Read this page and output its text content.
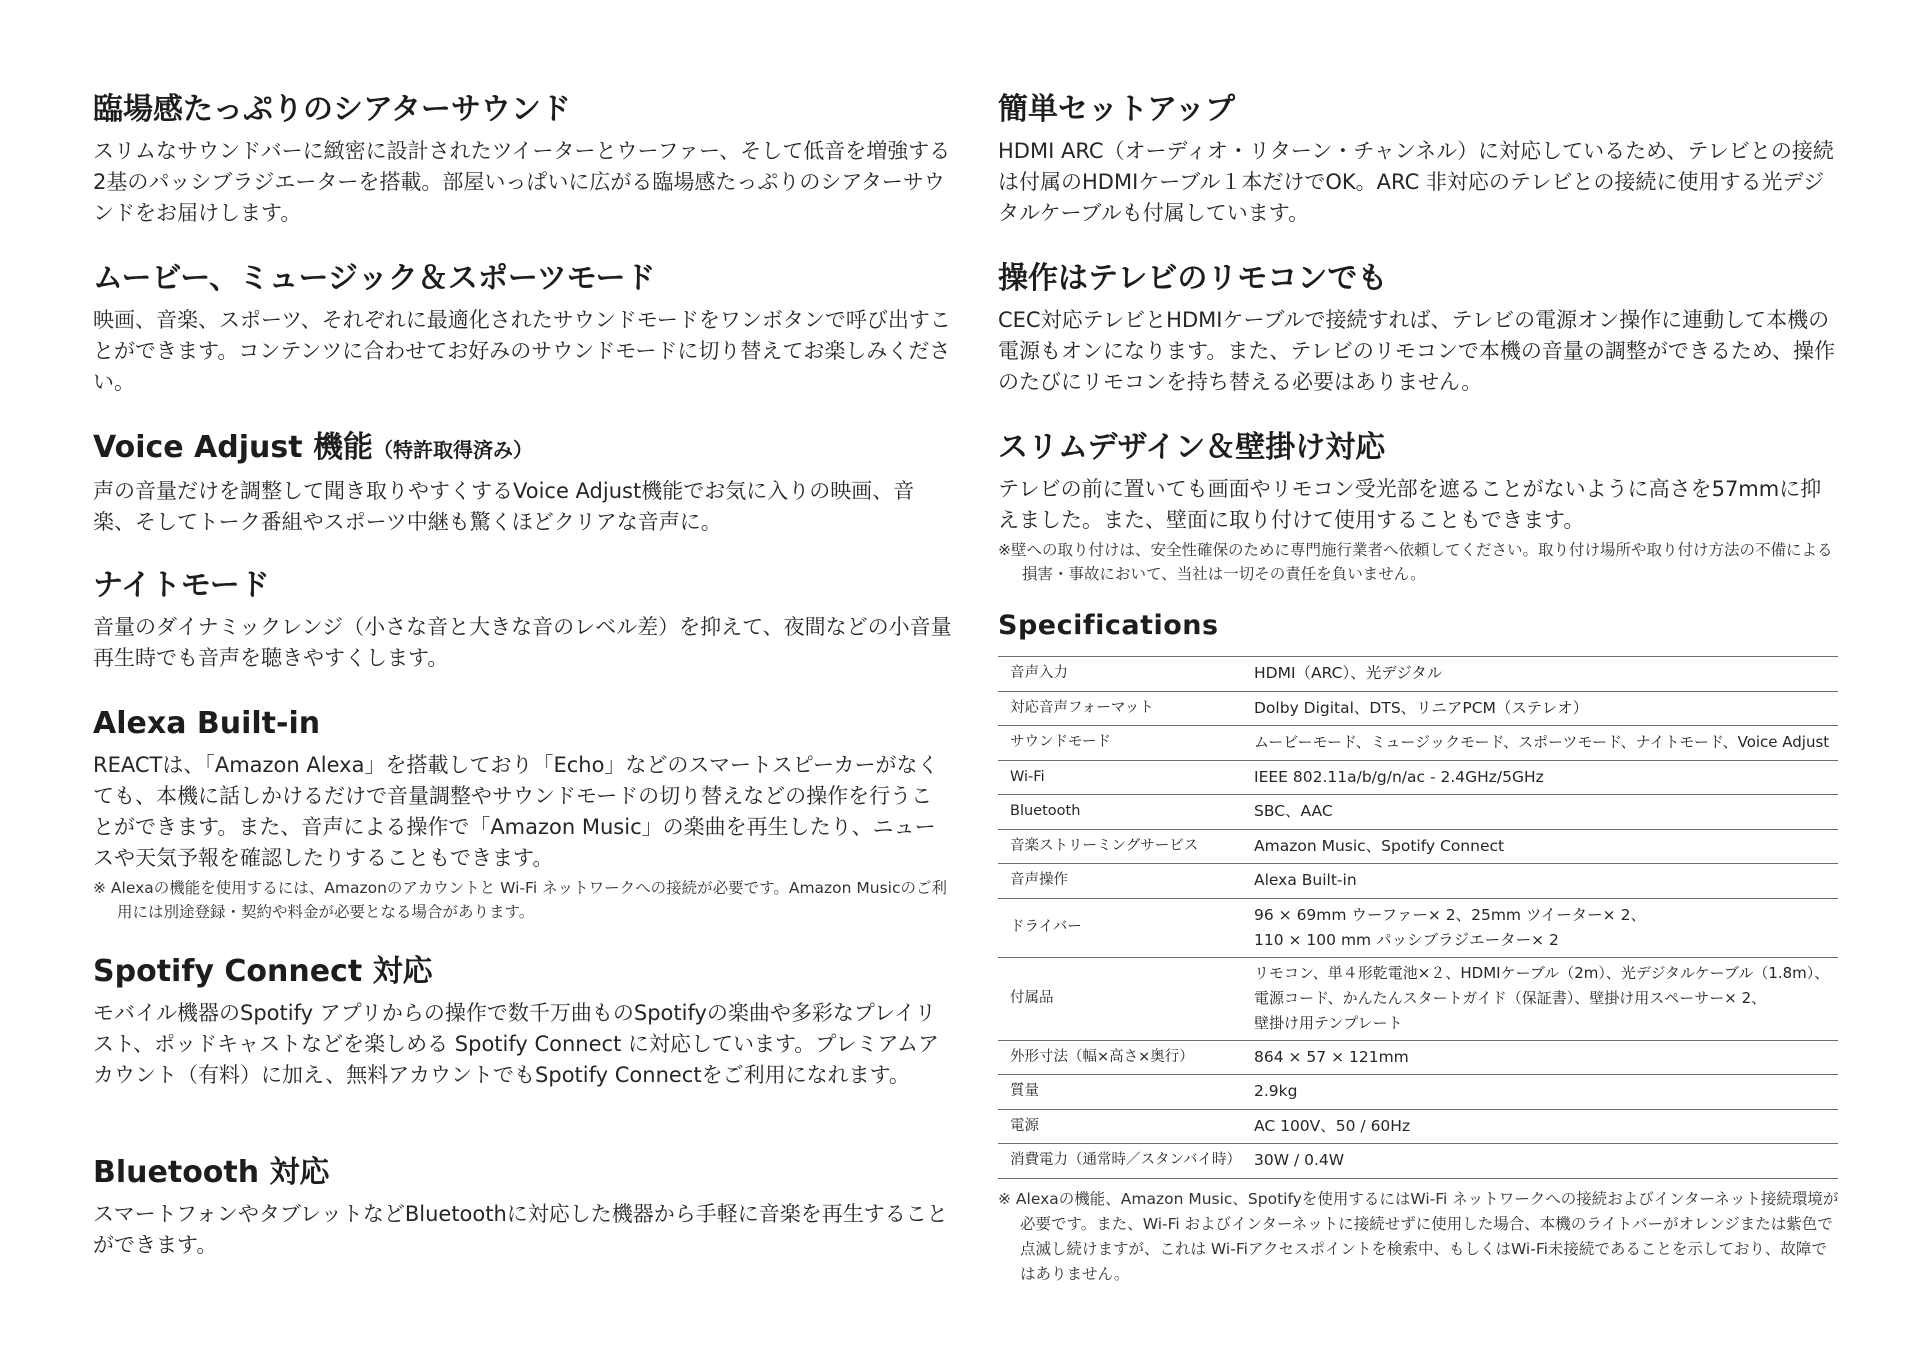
臨場感たっぷりのシアターサウンド

スリムなサウンドバーに緻密に設計されたツイーターとウーファー、そして低音を増強する2基のパッシブラジエーターを搭載。部屋いっぱいに広がる臨場感たっぷりのシアターサウンドをお届けします。

ムービー、ミュージック＆スポーツモード

映画、音楽、スポーツ、それぞれに最適化されたサウンドモードをワンボタンで呼び出すことができます。コンテンツに合わせてお好みのサウンドモードに切り替えてお楽しみください。

Voice Adjust 機能（特許取得済み）

声の音量だけを調整して聞き取りやすくするVoice Adjust機能でお気に入りの映画、音楽、そしてトーク番組やスポーツ中継も驚くほどクリアな音声に。

ナイトモード

音量のダイナミックレンジ（小さな音と大きな音のレベル差）を抑えて、夜間などの小音量再生時でも音声を聴きやすくします。

Alexa Built-in

REACTは、「Amazon Alexa」を搭載しており「Echo」などのスマートスピーカーがなくても、本機に話しかけるだけで音量調整やサウンドモードの切り替えなどの操作を行うことができます。また、音声による操作で「Amazon Music」の楽曲を再生したり、ニュースや天気予報を確認したりすることもできます。

※ Alexaの機能を使用するには、Amazonのアカウントと Wi-Fi ネットワークへの接続が必要です。Amazon Musicのご利用には別途登録・契約や料金が必要となる場合があります。

Spotify Connect 対応

モバイル機器のSpotify アプリからの操作で数千万曲ものSpotifyの楽曲や多彩なプレイリスト、ポッドキャストなどを楽しめる Spotify Connect に対応しています。プレミアムアカウント（有料）に加え、無料アカウントでもSpotify Connectをご利用になれます。

Bluetooth 対応

スマートフォンやタブレットなどBluetoothに対応した機器から手軽に音楽を再生することができます。

簡単セットアップ

HDMI ARC（オーディオ・リターン・チャンネル）に対応しているため、テレビとの接続は付属のHDMIケーブル１本だけでOK。ARC 非対応のテレビとの接続に使用する光デジタルケーブルも付属しています。

操作はテレビのリモコンでも

CEC対応テレビとHDMIケーブルで接続すれば、テレビの電源オン操作に連動して本機の電源もオンになります。また、テレビのリモコンで本機の音量の調整ができるため、操作のたびにリモコンを持ち替える必要はありません。

スリムデザイン＆壁掛け対応

テレビの前に置いても画面やリモコン受光部を遮ることがないように高さを57mmに抑えました。また、壁面に取り付けて使用することもできます。

※壁への取り付けは、安全性確保のために専門施行業者へ依頼してください。取り付け場所や取り付け方法の不備による損害・事故において、当社は一切その責任を負いません。

Specifications
音声入力	HDMI（ARC）、光デジタル
対応音声フォーマット	Dolby Digital、DTS、リニアPCM（ステレオ）
サウンドモード	ムービーモード、ミュージックモード、スポーツモード、ナイトモード、Voice Adjust
Wi-Fi	IEEE 802.11a/b/g/n/ac - 2.4GHz/5GHz
Bluetooth	SBC、AAC
音楽ストリーミングサービス	Amazon Music、Spotify Connect
音声操作	Alexa Built-in
ドライバー	96 × 69mm ウーファー× 2、25mm ツイーター× 2、
110 × 100 mm パッシブラジエーター× 2

付属品	リモコン、単４形乾電池×２、HDMIケーブル（2m）、光デジタルケーブル（1.8m）、
電源コード、かんたんスタートガイド（保証書）、壁掛け用スペーサー× 2、
壁掛け用テンプレート

外形寸法（幅×高さ×奥行）	864 × 57 × 121mm
質量	2.9kg
電源	AC 100V、50 / 60Hz
消費電力（通常時／スタンバイ時）	30W / 0.4W

※ Alexaの機能、Amazon Music、Spotifyを使用するにはWi-Fi ネットワークへの接続およびインターネット接続環境が必要です。また、Wi-Fi およびインターネットに接続せずに使用した場合、本機のライトバーがオレンジまたは紫色で点滅し続けますが、これは Wi-Fiアクセスポイントを検索中、もしくはWi-Fi未接続であることを示しており、故障ではありません。
